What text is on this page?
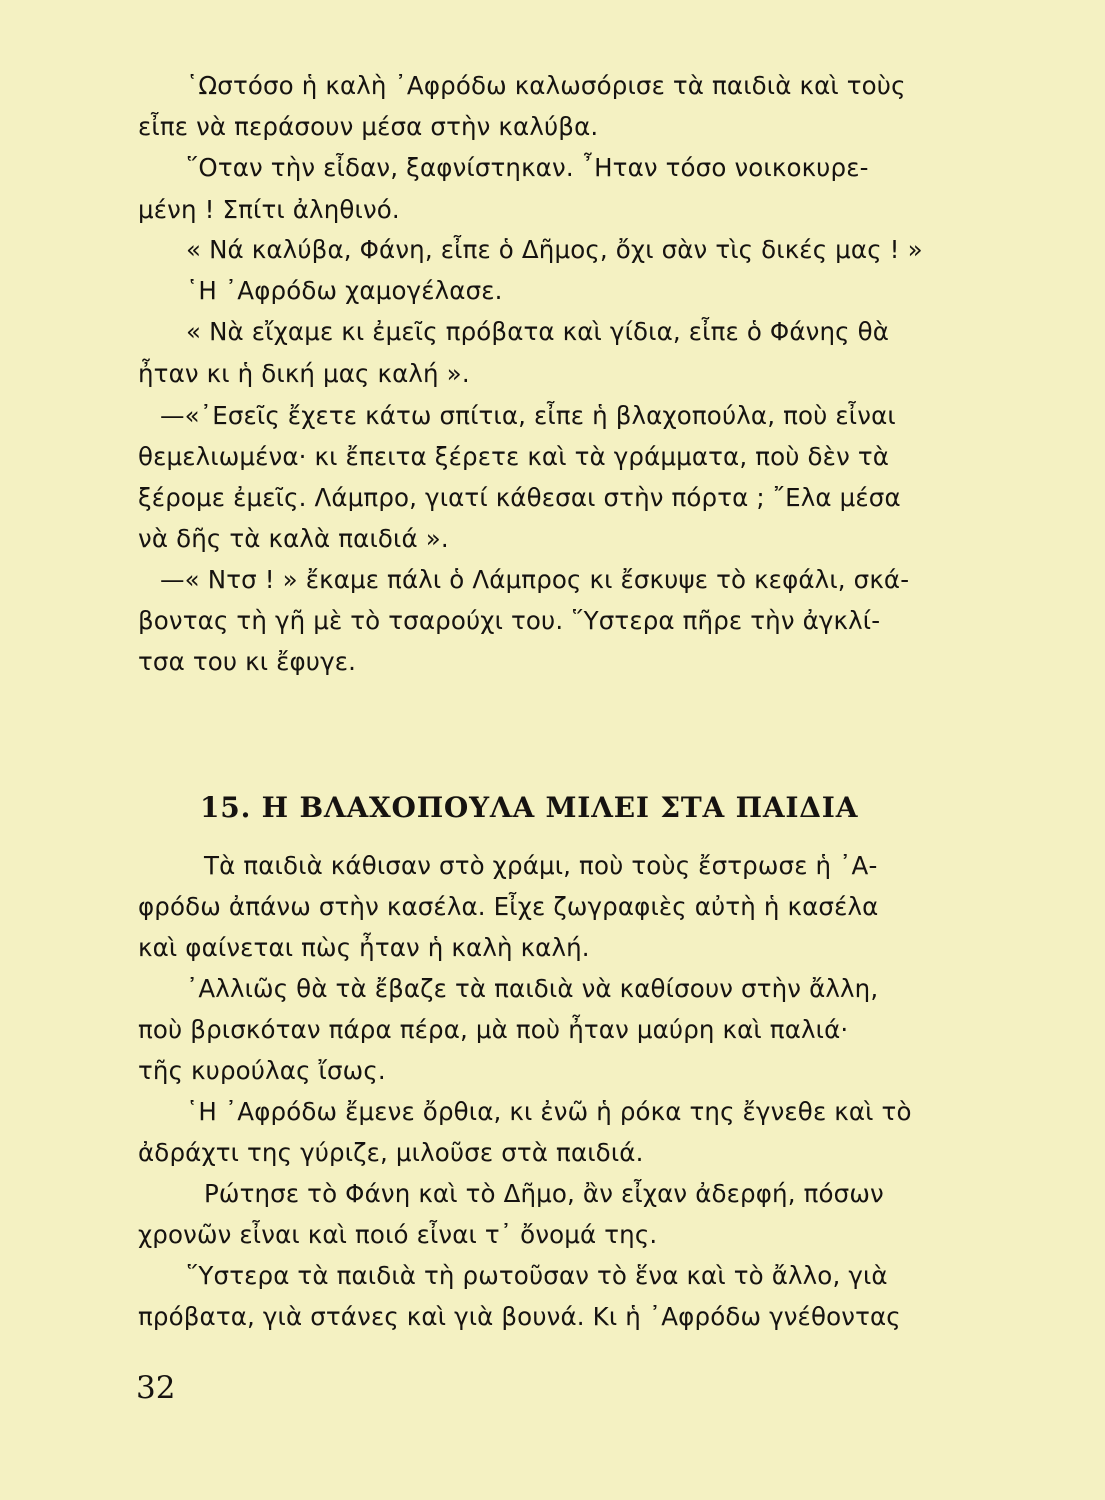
῾Ωστόσο ἡ καλὴ ᾿Αφρόδω καλωσόρισε τὰ παιδιὰ καὶ τοὺς
εἶπε νὰ περάσουν μέσα στὴν καλύβα.
῞Οταν τὴν εἶδαν, ξαφνίστηκαν. ῏Ηταν τόσο νοικοκυρε-
μένη ! Σπίτι ἀληθινό.
« Νά καλύβα, Φάνη, εἶπε ὁ Δῆμος, ὄχι σὰν τὶς δικές μας ! »
῾Η ᾿Αφρόδω χαμογέλασε.
« Νὰ εἴχαμε κι ἐμεῖς πρόβατα καὶ γίδια, εἶπε ὁ Φάνης θὰ
ἦταν κι ἡ δική μας καλή ».
—«᾿Εσεῖς ἔχετε κάτω σπίτια, εἶπε ἡ βλαχοπούλα, ποὺ εἶναι
θεμελιωμένα· κι ἔπειτα ξέρετε καὶ τὰ γράμματα, ποὺ δὲν τὰ
ξέρομε ἐμεῖς. Λάμπρο, γιατί κάθεσαι στὴν πόρτα ; ῎Ελα μέσα
νὰ δῆς τὰ καλὰ παιδιά ».
—« Ντσ ! » ἔκαμε πάλι ὁ Λάμπρος κι ἔσκυψε τὸ κεφάλι, σκά-
βοντας τὴ γῆ μὲ τὸ τσαρούχι του. ῞Υστερα πῆρε τὴν ἀγκλί-
τσα του κι ἔφυγε.
15. Η ΒΛΑΧΟΠΟΥΛΑ ΜΙΛΕΙ ΣΤΑ ΠΑΙΔΙΑ
Τὰ παιδιὰ κάθισαν στὸ χράμι, ποὺ τοὺς ἔστρωσε ἡ ᾿Α-
φρόδω ἀπάνω στὴν κασέλα. Εἶχε ζωγραφιὲς αὐτὴ ἡ κασέλα
καὶ φαίνεται πὼς ἦταν ἡ καλὴ καλή.
᾿Αλλιῶς θὰ τὰ ἔβαζε τὰ παιδιὰ νὰ καθίσουν στὴν ἄλλη,
ποὺ βρισκόταν πάρα πέρα, μὰ ποὺ ἦταν μαύρη καὶ παλιά·
τῆς κυρούλας ἴσως.
῾Η ᾿Αφρόδω ἔμενε ὄρθια, κι ἐνῶ ἡ ρόκα της ἔγνεθε καὶ τὸ
ἀδράχτι της γύριζε, μιλοῦσε στὰ παιδιά.
Ρώτησε τὸ Φάνη καὶ τὸ Δῆμο, ἂν εἶχαν ἀδερφή, πόσων
χρονῶν εἶναι καὶ ποιό εἶναι τ᾿ ὄνομά της.
῞Υστερα τὰ παιδιὰ τὴ ρωτοῦσαν τὸ ἕνα καὶ τὸ ἄλλο, γιὰ
πρόβατα, γιὰ στάνες καὶ γιὰ βουνά. Κι ἡ ᾿Αφρόδω γνέθοντας
32
